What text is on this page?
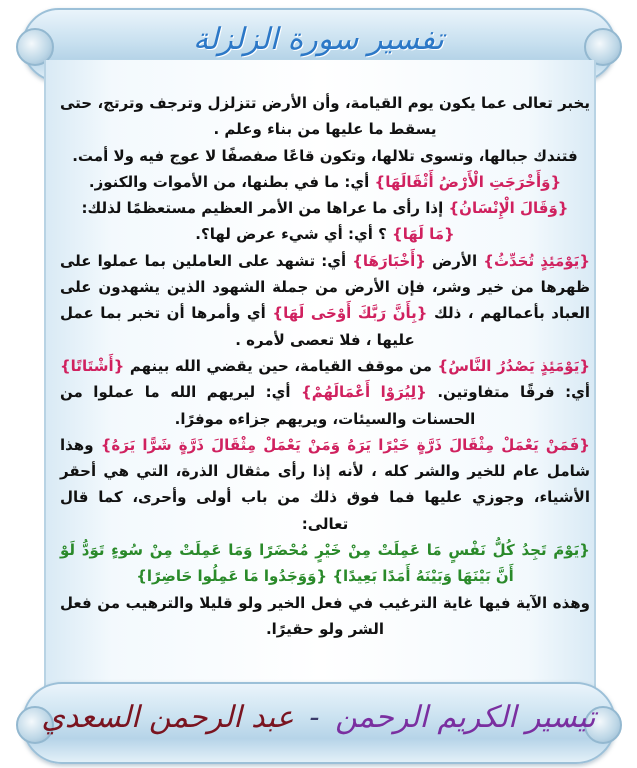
تفسير سورة الزلزلة

يخبر تعالى عما يكون يوم القيامة، وأن الأرض تتزلزل وترجف وترتج، حتى يسقط ما عليها من بناء وعلم .

فتندك جبالها، وتسوى تلالها، وتكون قاعًا صفصفًا لا عوج فيه ولا أمت.

{وَأَخْرَجَتِ الْأَرْضُ أَثْقَالَهَا} أي: ما في بطنها، من الأموات والكنوز.

{وَقَالَ الْإِنْسَانُ} إذا رأى ما عراها من الأمر العظيم مستعظمًا لذلك:

{مَا لَهَا} ؟ أي: أي شيء عرض لها؟.

{يَوْمَئِذٍ تُحَدِّثُ} الأرض {أَخْبَارَهَا} أي: تشهد على العاملين بما عملوا على ظهرها من خير وشر، فإن الأرض من جملة الشهود الذين يشهدون على العباد بأعمالهم ، ذلك {بِأَنَّ رَبَّكَ أَوْحَى لَهَا} أي وأمرها أن تخبر بما عمل عليها ، فلا تعصى لأمره .

{يَوْمَئِذٍ يَصْدُرُ النَّاسُ} من موقف القيامة، حين يقضي الله بينهم {أَشْتَاتًا} أي: فرقًا متفاوتين. {لِيُرَوْا أَعْمَالَهُمْ} أي: ليريهم الله ما عملوا من الحسنات والسيئات، ويريهم جزاءه موفرًا.

{فَمَنْ يَعْمَلْ مِثْقَالَ ذَرَّةٍ خَيْرًا يَرَهُ وَمَنْ يَعْمَلْ مِثْقَالَ ذَرَّةٍ شَرًّا يَرَهُ} وهذا شامل عام للخير والشر كله ، لأنه إذا رأى مثقال الذرة، التي هي أحقر الأشياء، وجوزي عليها فما فوق ذلك من باب أولى وأحرى، كما قال تعالى:

{يَوْمَ تَجِدُ كُلُّ نَفْسٍ مَا عَمِلَتْ مِنْ خَيْرٍ مُحْضَرًا وَمَا عَمِلَتْ مِنْ سُوءٍ تَوَدُّ لَوْ أَنَّ بَيْنَهَا وَبَيْنَهُ أَمَدًا بَعِيدًا} {وَوَجَدُوا مَا عَمِلُوا حَاضِرًا}

وهذه الآية فيها غاية الترغيب في فعل الخير ولو قليلا والترهيب من فعل الشر ولو حقيرًا.

تيسير الكريم الرحمن - عبد الرحمن السعدي
